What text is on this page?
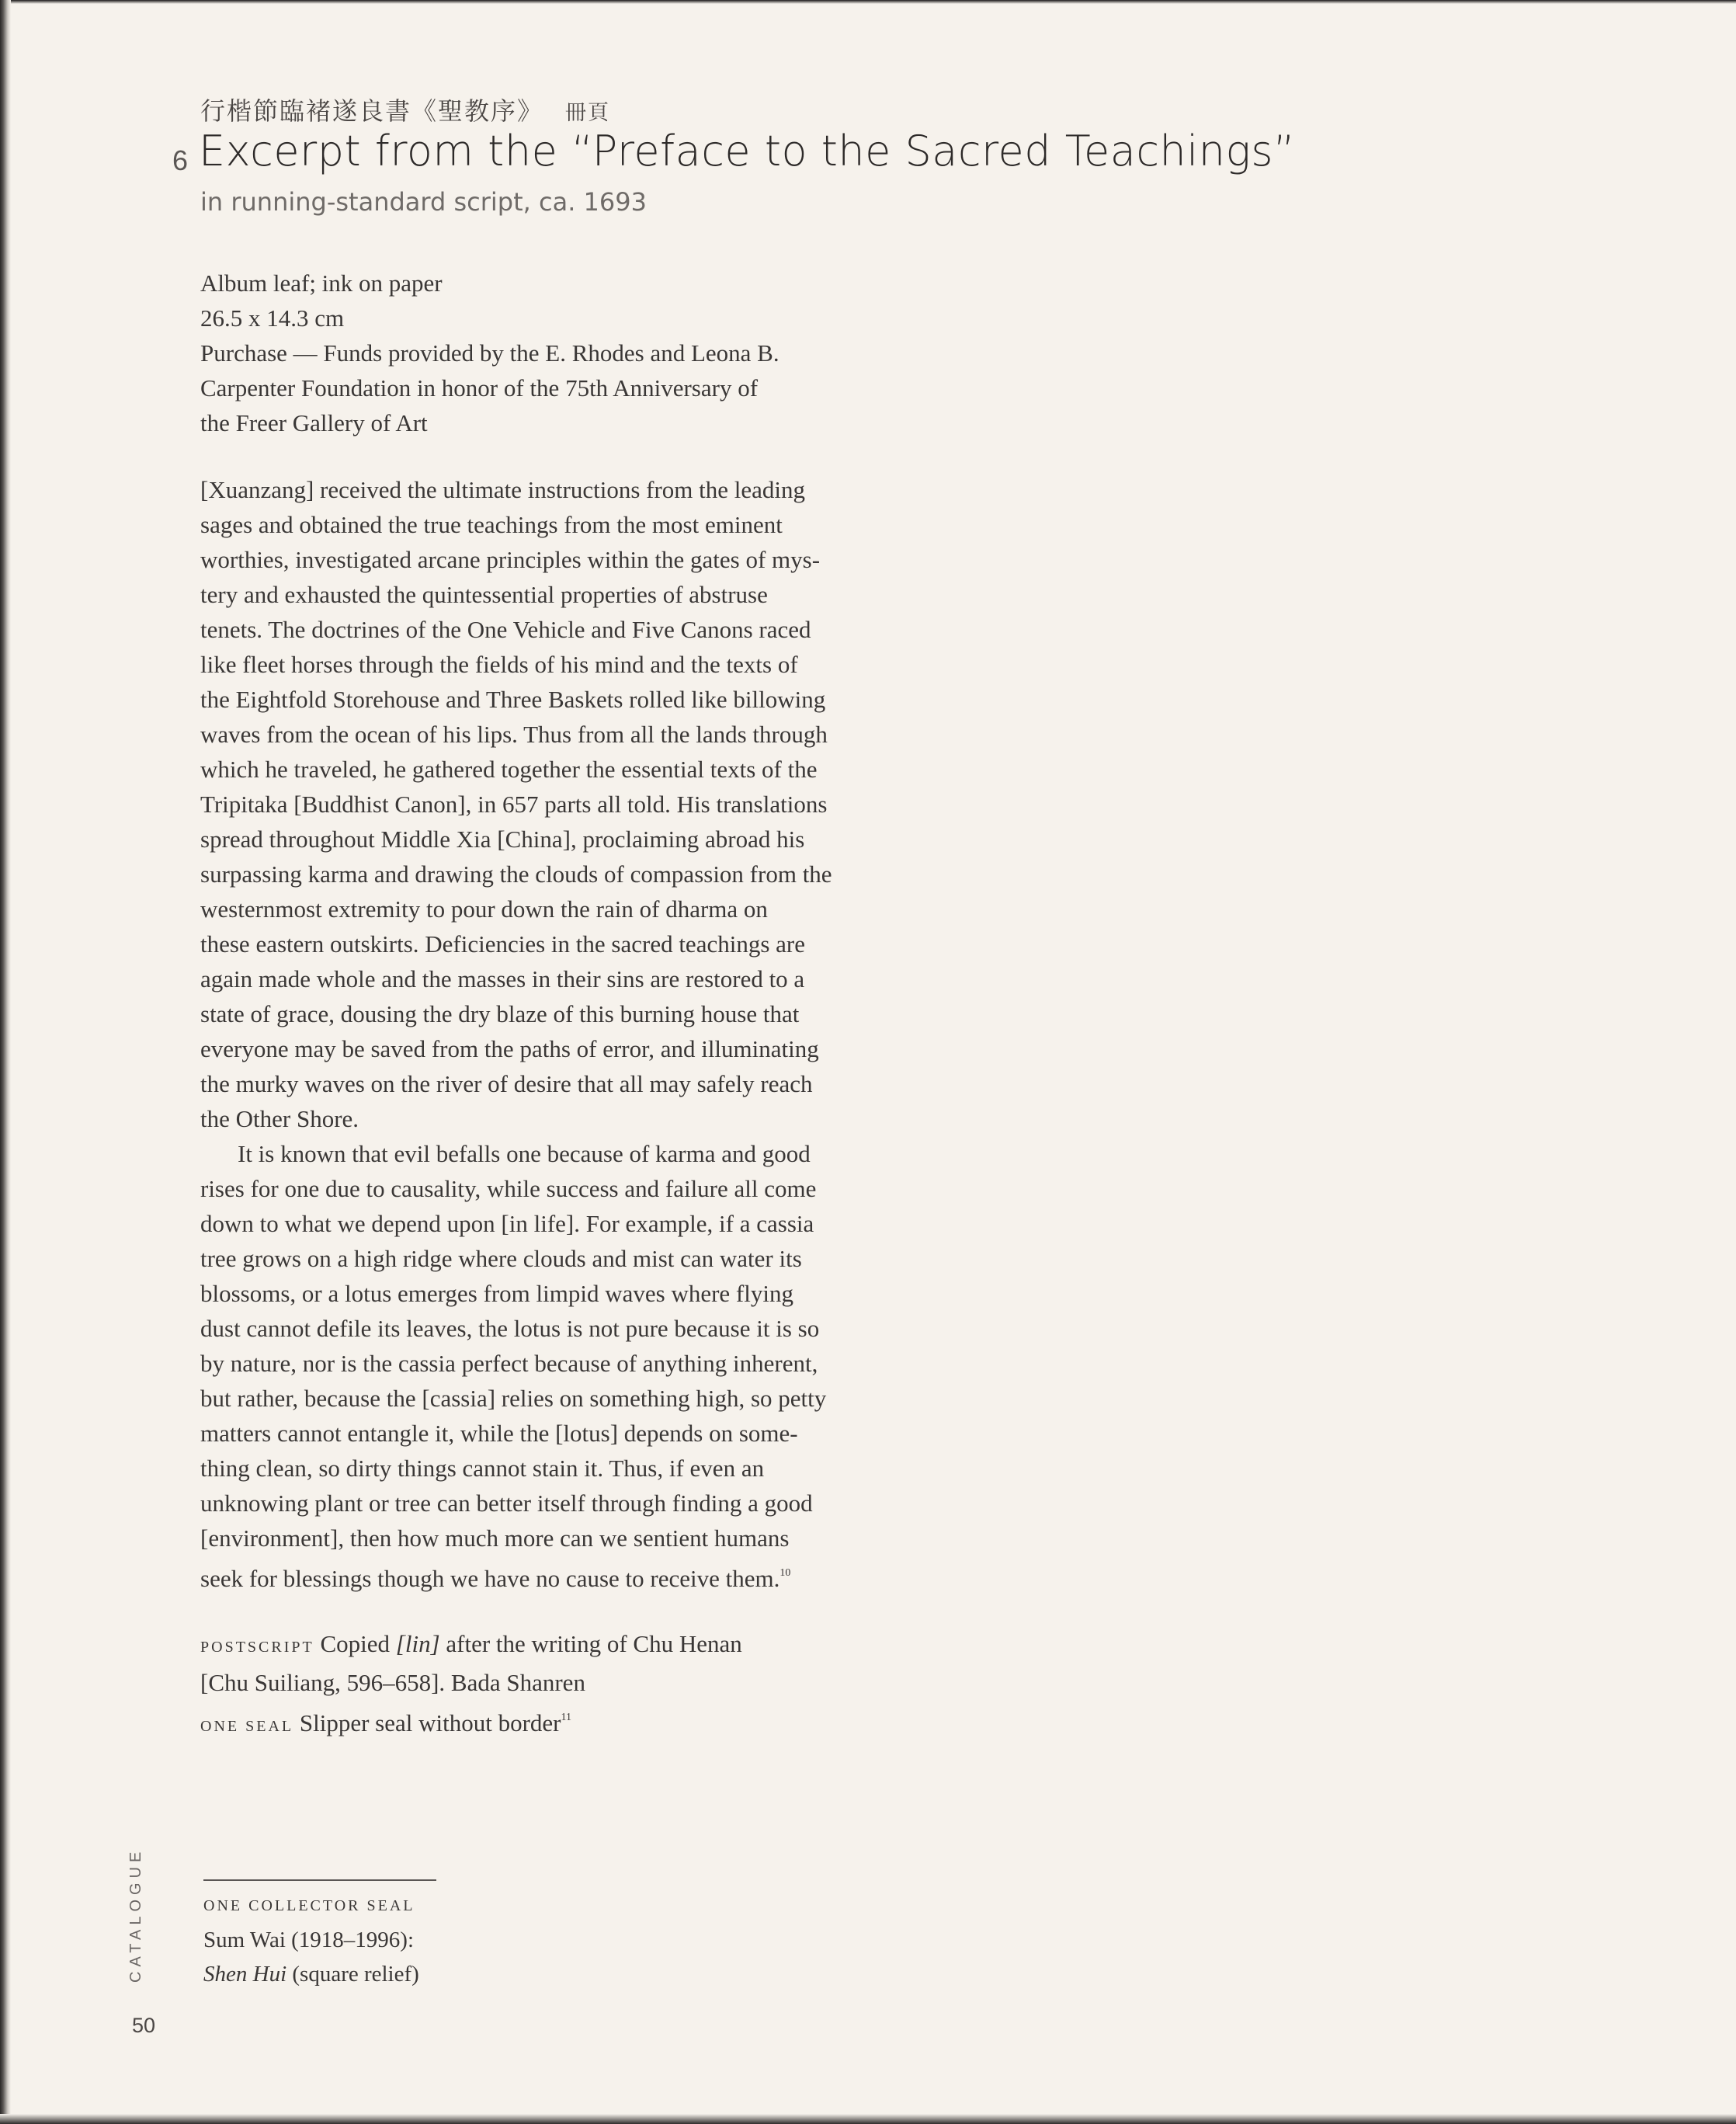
行楷節臨褚遂良書《聖教序》 冊頁
6 Excerpt from the “Preface to the Sacred Teachings”
in running-standard script, ca. 1693
Album leaf; ink on paper
26.5 x 14.3 cm
Purchase — Funds provided by the E. Rhodes and Leona B.
Carpenter Foundation in honor of the 75th Anniversary of
the Freer Gallery of Art
[Xuanzang] received the ultimate instructions from the leading
sages and obtained the true teachings from the most eminent
worthies, investigated arcane principles within the gates of mys-
tery and exhausted the quintessential properties of abstruse
tenets. The doctrines of the One Vehicle and Five Canons raced
like fleet horses through the fields of his mind and the texts of
the Eightfold Storehouse and Three Baskets rolled like billowing
waves from the ocean of his lips. Thus from all the lands through
which he traveled, he gathered together the essential texts of the
Tripitaka [Buddhist Canon], in 657 parts all told. His translations
spread throughout Middle Xia [China], proclaiming abroad his
surpassing karma and drawing the clouds of compassion from the
westernmost extremity to pour down the rain of dharma on
these eastern outskirts. Deficiencies in the sacred teachings are
again made whole and the masses in their sins are restored to a
state of grace, dousing the dry blaze of this burning house that
everyone may be saved from the paths of error, and illuminating
the murky waves on the river of desire that all may safely reach
the Other Shore.
It is known that evil befalls one because of karma and good
rises for one due to causality, while success and failure all come
down to what we depend upon [in life]. For example, if a cassia
tree grows on a high ridge where clouds and mist can water its
blossoms, or a lotus emerges from limpid waves where flying
dust cannot defile its leaves, the lotus is not pure because it is so
by nature, nor is the cassia perfect because of anything inherent,
but rather, because the [cassia] relies on something high, so petty
matters cannot entangle it, while the [lotus] depends on some-
thing clean, so dirty things cannot stain it. Thus, if even an
unknowing plant or tree can better itself through finding a good
[environment], then how much more can we sentient humans
seek for blessings though we have no cause to receive them.$^{10}$
POSTSCRIPT Copied [lin] after the writing of Chu Henan
[Chu Suiliang, 596–658]. Bada Shanren
ONE SEAL Slipper seal without border$^{11}$
ONE COLLECTOR SEAL
Sum Wai (1918–1996):
Shen Hui (square relief)
CATALOGUE
50
